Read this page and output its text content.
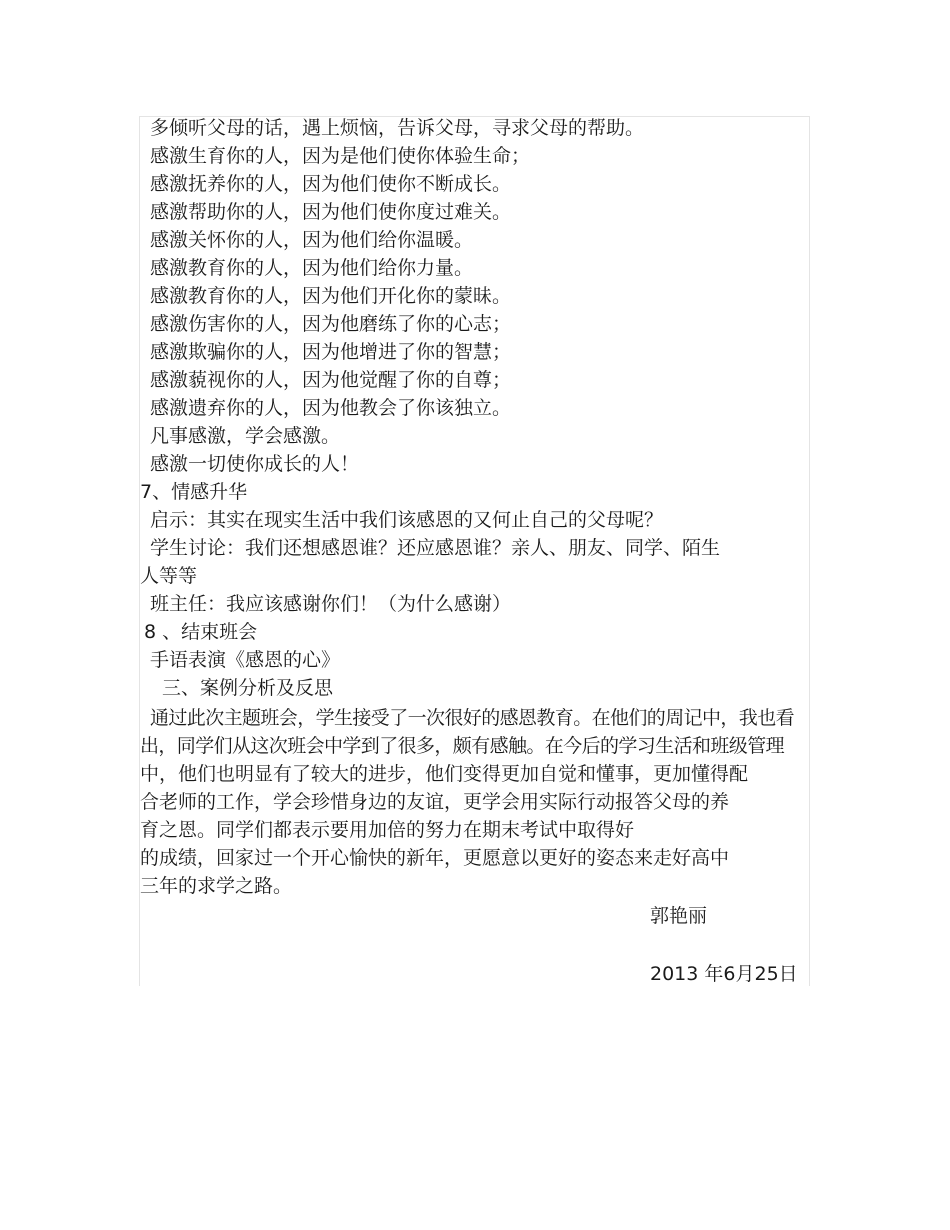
多倾听父母的话，遇上烦恼，告诉父母，寻求父母的帮助。
感激生育你的人，因为是他们使你体验生命；
感激抚养你的人，因为他们使你不断成长。
感激帮助你的人，因为他们使你度过难关。
感激关怀你的人，因为他们给你温暖。
感激教育你的人，因为他们给你力量。
感激教育你的人，因为他们开化你的蒙昧。
感激伤害你的人，因为他磨练了你的心志；
感激欺骗你的人，因为他增进了你的智慧；
感激藐视你的人，因为他觉醒了你的自尊；
感激遗弃你的人，因为他教会了你该独立。
凡事感激，学会感激。
感激一切使你成长的人！
7、情感升华
启示：其实在现实生活中我们该感恩的又何止自己的父母呢？
学生讨论：我们还想感恩谁？还应感恩谁？亲人、朋友、同学、陌生
人等等
班主任：我应该感谢你们！（为什么感谢）
8 、结束班会
手语表演《感恩的心》
三、案例分析及反思
通过此次主题班会，学生接受了一次很好的感恩教育。在他们的周记中，我也看
出，同学们从这次班会中学到了很多，颇有感触。在今后的学习生活和班级管理
中，他们也明显有了较大的进步，他们变得更加自觉和懂事，更加懂得配
合老师的工作，学会珍惜身边的友谊，更学会用实际行动报答父母的养
育之恩。同学们都表示要用加倍的努力在期末考试中取得好
的成绩，回家过一个开心愉快的新年，更愿意以更好的姿态来走好高中
三年的求学之路。
郭艳丽
2013 年6月25日
